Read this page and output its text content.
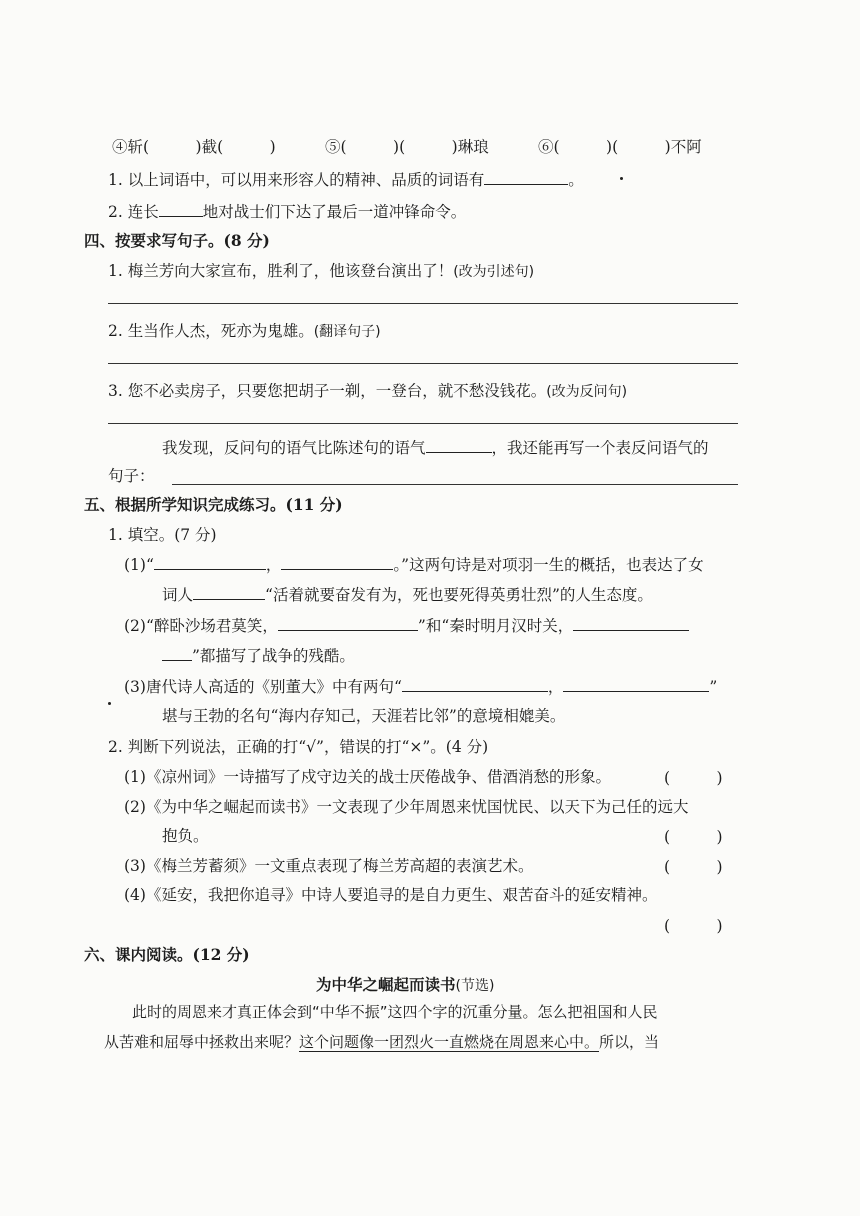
④斩(　　　)截(　　　)	⑤(　　　)(　　　)琳琅	⑥(　　　)(　　　)不阿
1. 以上词语中，可以用来形容人的精神、品质的词语有	。
2. 连长	地对战士们下达了最后一道冲锋命令。
四、按要求写句子。(8 分)
1. 梅兰芳向大家宣布，胜利了，他该登台演出了！(改为引述句)
2. 生当作人杰，死亦为鬼雄。(翻译句子)
3. 您不必卖房子，只要您把胡子一剃，一登台，就不愁没钱花。(改为反问句)
我发现，反问句的语气比陈述句的语气	，我还能再写一个表反问语气的
句子：
五、根据所学知识完成练习。(11 分)
1. 填空。(7 分)
(1)“	，	。”这两句诗是对项羽一生的概括，也表达了女
词人	“活着就要奋发有为，死也要死得英勇壮烈”的人生态度。
(2)“醉卧沙场君莫笑，	”和“秦时明月汉时关，
”都描写了战争的残酷。
(3)唐代诗人高适的《别董大》中有两句“	，	”
堪与王勃的名句“海内存知己，天涯若比邻”的意境相媲美。
2. 判断下列说法，正确的打“√”，错误的打“×”。(4 分)
(1)《凉州词》一诗描写了戍守边关的战士厌倦战争、借酒消愁的形象。	(　　　)
(2)《为中华之崛起而读书》一文表现了少年周恩来忧国忧民、以天下为己任的远大
抱负。	(　　　)
(3)《梅兰芳蓄须》一文重点表现了梅兰芳高超的表演艺术。	(　　　)
(4)《延安，我把你追寻》中诗人要追寻的是自力更生、艰苦奋斗的延安精神。
(　　　)
六、课内阅读。(12 分)
为中华之崛起而读书(节选)
此时的周恩来才真正体会到“中华不振”这四个字的沉重分量。怎么把祖国和人民
从苦难和屈辱中拯救出来呢？这个问题像一团烈火一直燃烧在周恩来心中。所以，当
